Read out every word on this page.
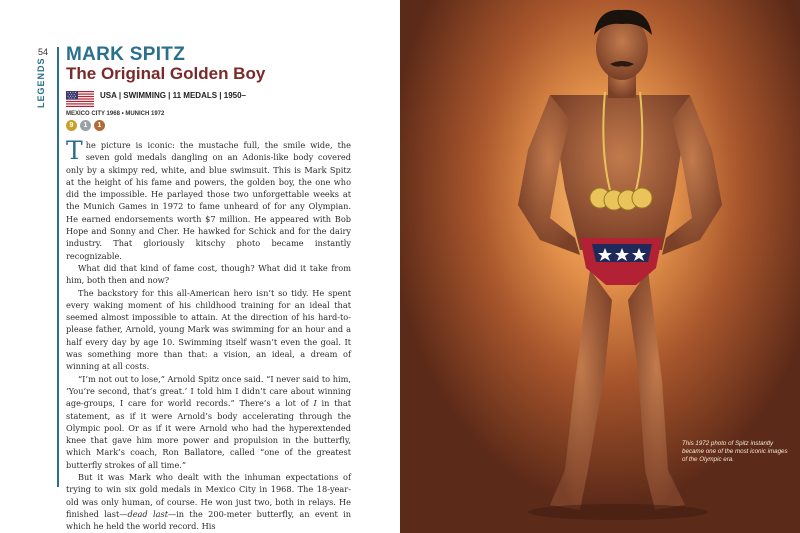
54
LEGENDS
MARK SPITZ
The Original Golden Boy
USA | SWIMMING | 11 MEDALS | 1950–
MEXICO CITY 1968 • MUNICH 1972
9	1	1

The picture is iconic: the mustache full, the smile wide, the seven gold medals dangling on an Adonis-like body covered only by a skimpy red, white, and blue swimsuit. This is Mark Spitz at the height of his fame and powers, the golden boy, the one who did the impossible. He parlayed those two unforgettable weeks at the Munich Games in 1972 to fame unheard of for any Olympian. He earned endorsements worth $7 million. He appeared with Bob Hope and Sonny and Cher. He hawked for Schick and for the dairy industry. That gloriously kitschy photo became instantly recognizable.

What did that kind of fame cost, though? What did it take from him, both then and now?

The backstory for this all-American hero isn’t so tidy. He spent every waking moment of his childhood training for an ideal that seemed almost impossible to attain. At the direction of his hard-to-please father, Arnold, young Mark was swimming for an hour and a half every day by age 10. Swimming itself wasn’t even the goal. It was something more than that: a vision, an ideal, a dream of winning at all costs.

“I’m not out to lose,” Arnold Spitz once said. “I never said to him, ‘You’re second, that’s great.’ I told him I didn’t care about winning age-groups, I care for world records.” There’s a lot of I in that statement, as if it were Arnold’s body accelerating through the Olympic pool. Or as if it were Arnold who had the hyperextended knee that gave him more power and propulsion in the butterfly, which Mark’s coach, Ron Ballatore, called “one of the greatest butterfly strokes of all time.”

But it was Mark who dealt with the inhuman expectations of trying to win six gold medals in Mexico City in 1968. The 18-year-old was only human, of course. He won just two, both in relays. He finished last—dead last—in the 200-meter butterfly, an event in which he held the world record. His

This 1972 photo of Spitz instantly became one of the most iconic images of the Olympic era.
